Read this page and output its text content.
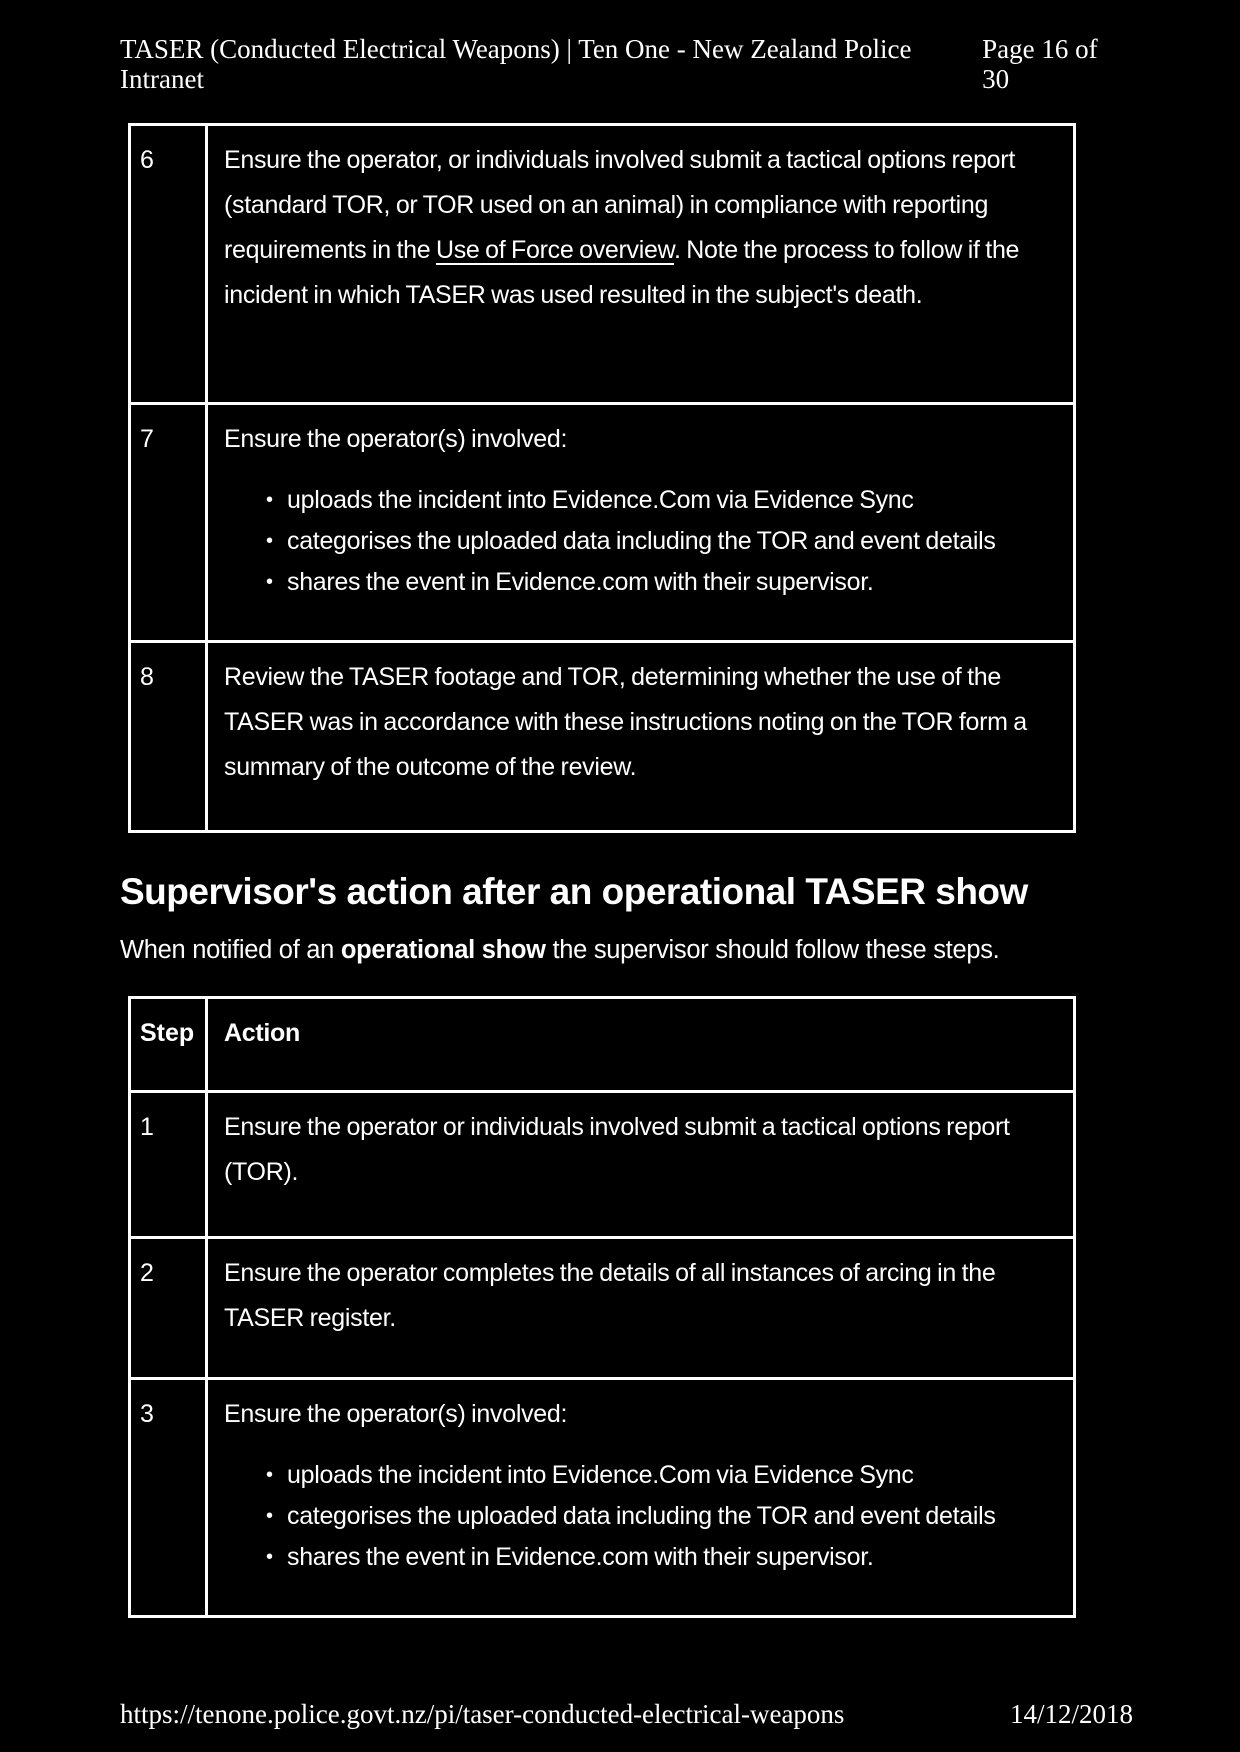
TASER (Conducted Electrical Weapons) | Ten One - New Zealand Police Intranet
Page 16 of 30
6	Ensure the operator, or individuals involved submit a tactical options report (standard TOR, or TOR used on an animal) in compliance with reporting requirements in the Use of Force overview. Note the process to follow if the incident in which TASER was used resulted in the subject's death.
7	Ensure the operator(s) involved:
• uploads the incident into Evidence.Com via Evidence Sync
• categorises the uploaded data including the TOR and event details
• shares the event in Evidence.com with their supervisor.
8	Review the TASER footage and TOR, determining whether the use of the TASER was in accordance with these instructions noting on the TOR form a summary of the outcome of the review.
Supervisor's action after an operational TASER show
When notified of an operational show the supervisor should follow these steps.
Step	Action
1	Ensure the operator or individuals involved submit a tactical options report (TOR).
2	Ensure the operator completes the details of all instances of arcing in the TASER register.
3	Ensure the operator(s) involved:
• uploads the incident into Evidence.Com via Evidence Sync
• categorises the uploaded data including the TOR and event details
• shares the event in Evidence.com with their supervisor.
https://tenone.police.govt.nz/pi/taser-conducted-electrical-weapons	14/12/2018
